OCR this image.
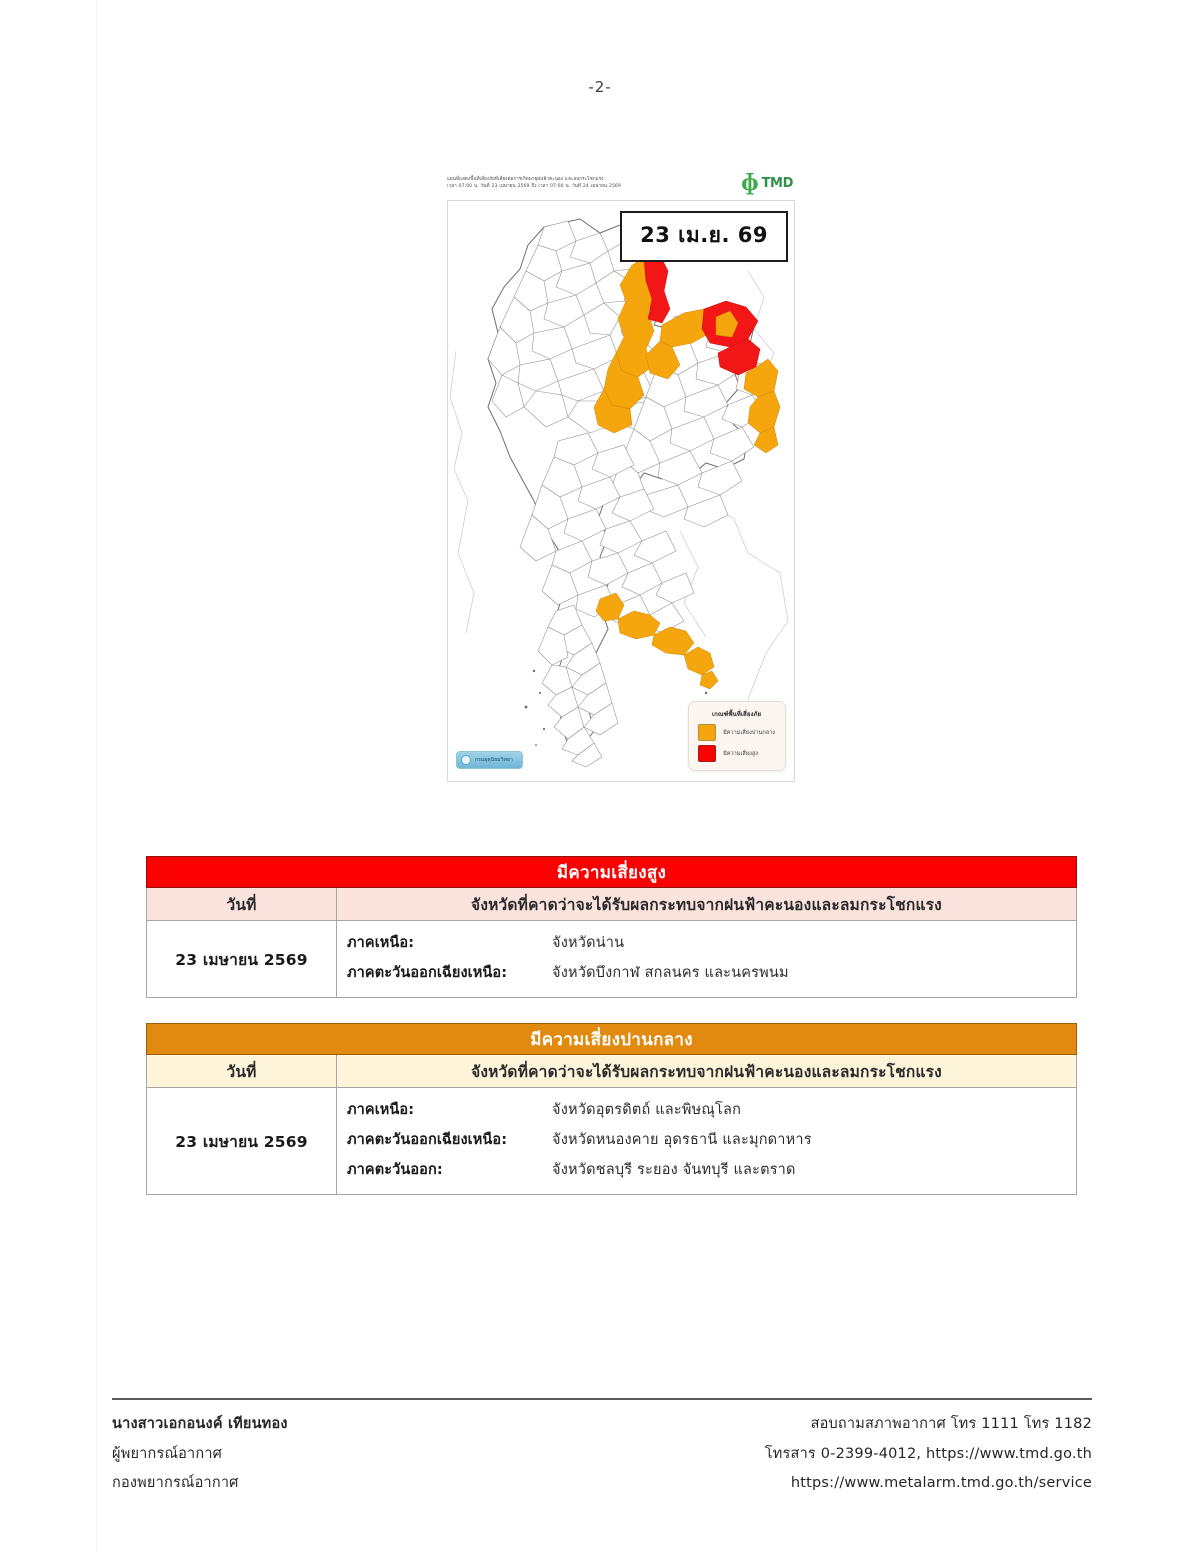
-2-
แผนที่แสดงพื้นที่เสี่ยงภัยที่เสี่ยงต่อการเกิดพายุฝนฟ้าคะนอง และลมกระโชกแรง
เวลา 07:00 น. วันที่ 23 เมษายน 2569 ถึง เวลา 07:00 น. วันที่ 24 เมษายน 2569	ɸ TMD
23 เม.ย. 69
เกณฑ์พื้นที่เสี่ยงภัย
มีความเสี่ยงปานกลาง
มีความเสี่ยงสูง
กรมอุตุนิยมวิทยา
มีความเสี่ยงสูง	
วันที่	จังหวัดที่คาดว่าจะได้รับผลกระทบจากฝนฟ้าคะนองและลมกระโชกแรง
23 เมษายน 2569	ภาคเหนือ: จังหวัดน่าน
ภาคตะวันออกเฉียงเหนือ: จังหวัดบึงกาฬ สกลนคร และนครพนม
มีความเสี่ยงปานกลาง	
วันที่	จังหวัดที่คาดว่าจะได้รับผลกระทบจากฝนฟ้าคะนองและลมกระโชกแรง
23 เมษายน 2569	
ภาคเหนือ:	จังหวัดอุตรดิตถ์ และพิษณุโลก
ภาคตะวันออกเฉียงเหนือ:	จังหวัดหนองคาย อุดรธานี และมุกดาหาร
ภาคตะวันออก:	จังหวัดชลบุรี ระยอง จันทบุรี และตราด
นางสาวเอกอนงค์ เทียนทอง
ผู้พยากรณ์อากาศ
กองพยากรณ์อากาศ
สอบถามสภาพอากาศ โทร 1111 โทร 1182
โทรสาร 0-2399-4012, https://www.tmd.go.th
https://www.metalarm.tmd.go.th/service
